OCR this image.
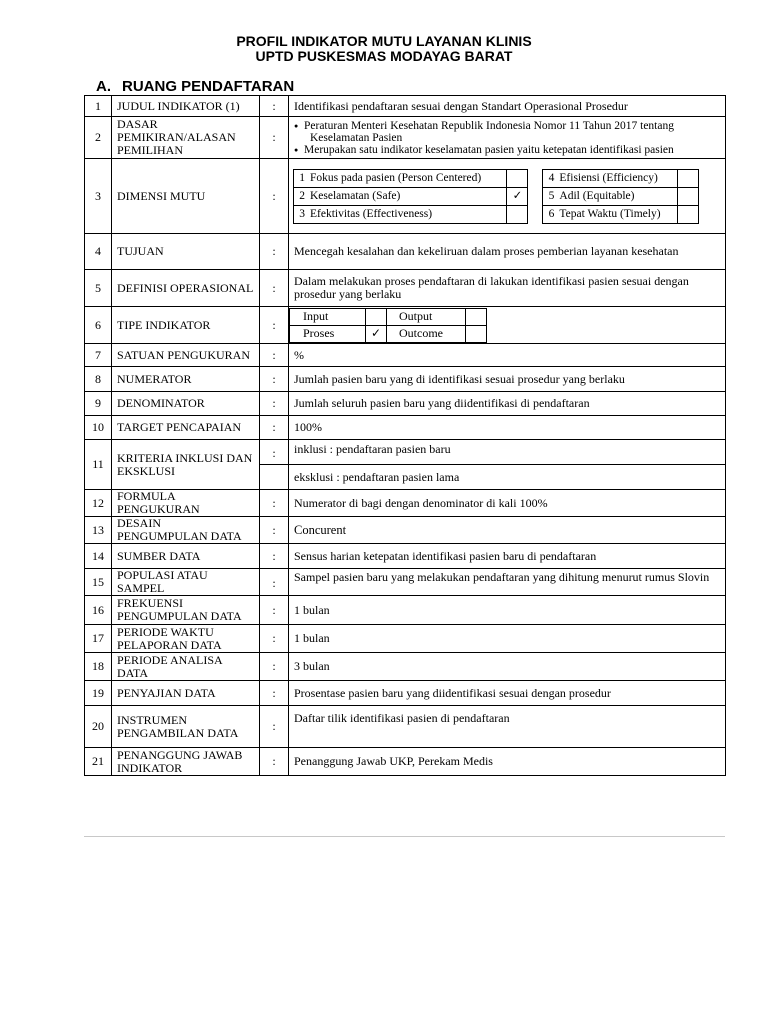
PROFIL INDIKATOR MUTU LAYANAN KLINIS
UPTD PUSKESMAS MODAYAG BARAT
A. RUANG PENDAFTARAN
1	JUDUL INDIKATOR (1)	:	Identifikasi pendaftaran sesuai dengan Standart Operasional Prosedur
2	DASAR PEMIKIRAN/ALASAN PEMILIHAN	:	
● Peraturan Menteri Kesehatan Republik Indonesia Nomor 11 Tahun 2017 tentang
Keselamatan Pasien
● Merupakan satu indikator keselamatan pasien yaitu ketepatan identifikasi pasien

3	DIMENSI MUTU	:	
1	Fokus pada pasien (Person Centered)			4	Efisiensi (Efficiency)	
2	Keselamatan (Safe)	✓		5	Adil (Equitable)	
3	Efektivitas (Effectiveness)			6	Tepat Waktu (Timely)	

4	TUJUAN	:	Mencegah kesalahan dan kekeliruan dalam proses pemberian layanan kesehatan
5	DEFINISI OPERASIONAL	:	Dalam melakukan proses pendaftaran di lakukan identifikasi pasien sesuai dengan prosedur yang berlaku
6	TIPE INDIKATOR	:	
Input		Output	
Proses	✓	Outcome	

7	SATUAN PENGUKURAN	:	%
8	NUMERATOR	:	Jumlah pasien baru yang di identifikasi sesuai prosedur yang berlaku
9	DENOMINATOR	:	Jumlah seluruh pasien baru yang diidentifikasi di pendaftaran
10	TARGET PENCAPAIAN	:	100%
11	KRITERIA INKLUSI DAN EKSKLUSI	:	inklusi : pendaftaran pasien baru
	eksklusi : pendaftaran pasien lama
12	FORMULA PENGUKURAN	:	Numerator di bagi dengan denominator di kali 100%
13	DESAIN PENGUMPULAN DATA	:	Concurent
14	SUMBER DATA	:	Sensus harian ketepatan identifikasi pasien baru di pendaftaran
15	POPULASI ATAU SAMPEL	:	Sampel pasien baru yang melakukan pendaftaran yang dihitung menurut rumus Slovin
16	FREKUENSI PENGUMPULAN DATA	:	1 bulan
17	PERIODE WAKTU PELAPORAN DATA	:	1 bulan
18	PERIODE ANALISA DATA	:	3 bulan
19	PENYAJIAN DATA	:	Prosentase pasien baru yang diidentifikasi sesuai dengan prosedur
20	INSTRUMEN PENGAMBILAN DATA	:	Daftar tilik identifikasi pasien di pendaftaran
21	PENANGGUNG JAWAB INDIKATOR	:	Penanggung Jawab UKP, Perekam Medis
